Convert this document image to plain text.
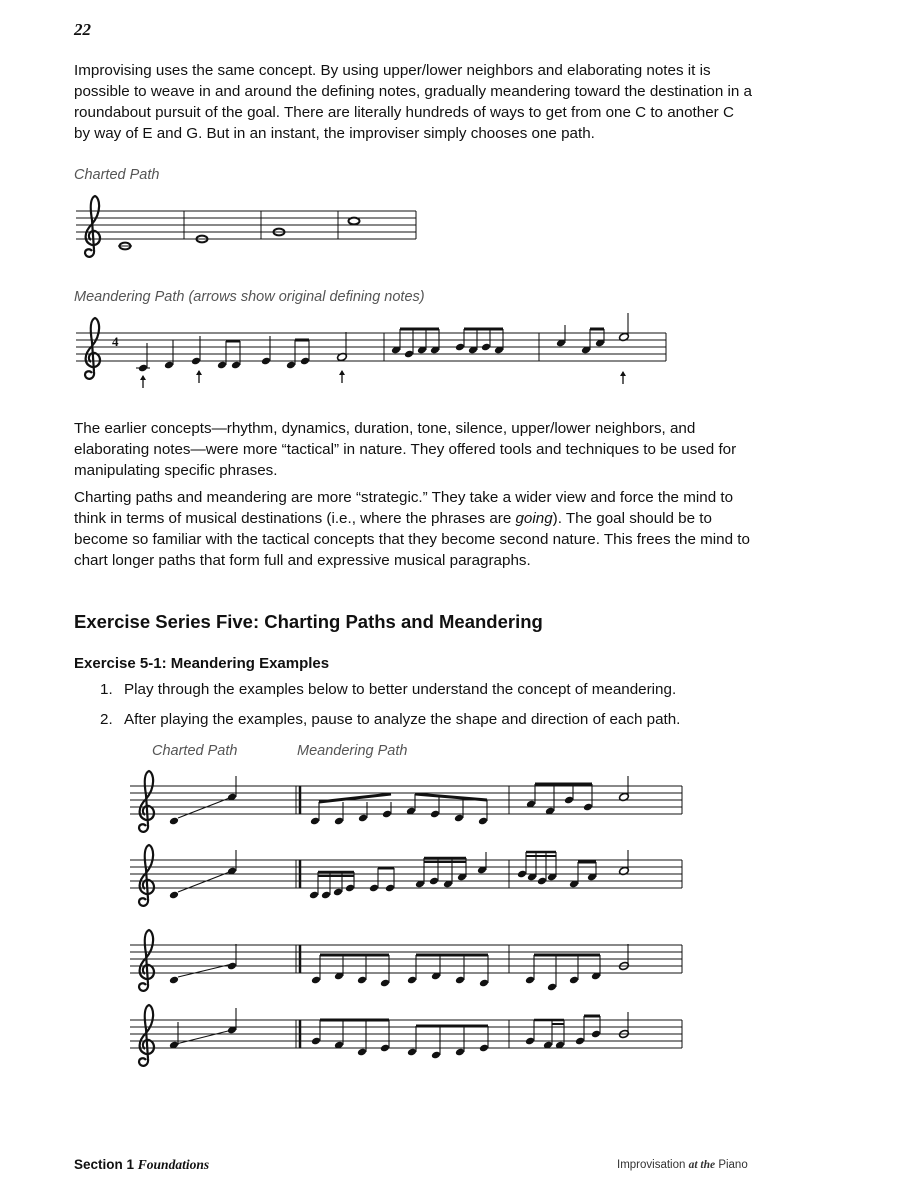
22

Improvising uses the same concept. By using upper/lower neighbors and elaborating notes it is possible to weave in and around the defining notes, gradually meandering toward the destination in a roundabout pursuit of the goal. There are literally hundreds of ways to get from one C to another C by way of E and G. But in an instant, the improviser simply chooses one path.

Charted Path
4
Meandering Path (arrows show original defining notes)

The earlier concepts—rhythm, dynamics, duration, tone, silence, upper/lower neighbors, and elaborating notes—were more “tactical” in nature. They offered tools and techniques to be used for manipulating specific phrases.

Charting paths and meandering are more “strategic.” They take a wider view and force the mind to think in terms of musical destinations (i.e., where the phrases are going). The goal should be to become so familiar with the tactical concepts that they become second nature. This frees the mind to chart longer paths that form full and expressive musical paragraphs.

Exercise Series Five: Charting Paths and Meandering
Exercise 5-1: Meandering Examples
1. Play through the examples below to better understand the concept of meandering.
2. After playing the examples, pause to analyze the shape and direction of each path.
Charted Path	Meandering Path
Section 1 Foundations	Improvisation at the Piano
